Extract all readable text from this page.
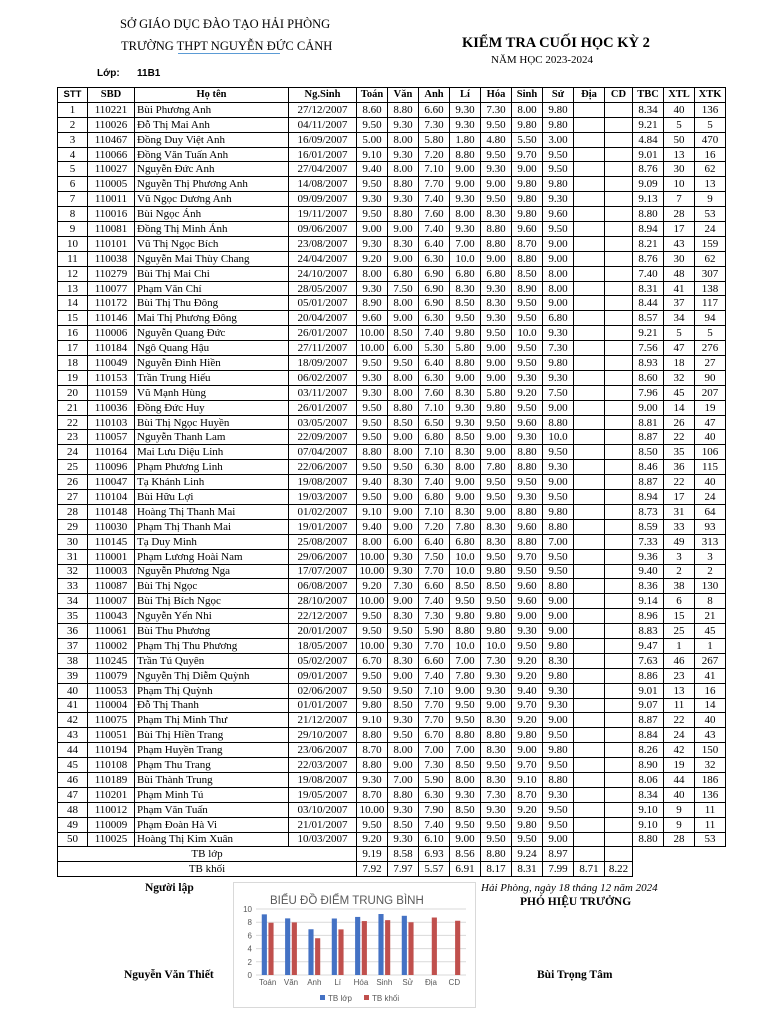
SỞ GIÁO DỤC ĐÀO TẠO HẢI PHÒNG
TRƯỜNG THPT NGUYỄN ĐỨC CẢNH	KIỂM TRA CUỐI HỌC KỲ 2
NĂM HỌC 2023-2024
Lớp: 11B1
STT	SBD	Họ tên	Ng.Sinh	Toán	Văn	Anh	Lí	Hóa	Sinh	Sử	Địa	CD	TBC	XTL	XTK
1	110221	Bùi Phương Anh	27/12/2007	8.60	8.80	6.60	9.30	7.30	8.00	9.80			8.34	40	136
2	110026	Đỗ Thị Mai Anh	04/11/2007	9.50	9.30	7.30	9.30	9.50	9.80	9.80			9.21	5	5
3	110467	Đồng Duy Việt Anh	16/09/2007	5.00	8.00	5.80	1.80	4.80	5.50	3.00			4.84	50	470
4	110066	Đồng Văn Tuấn Anh	16/01/2007	9.10	9.30	7.20	8.80	9.50	9.70	9.50			9.01	13	16
5	110027	Nguyễn Đức Anh	27/04/2007	9.40	8.00	7.10	9.00	9.30	9.00	9.50			8.76	30	62
6	110005	Nguyễn Thị Phương Anh	14/08/2007	9.50	8.80	7.70	9.00	9.00	9.80	9.80			9.09	10	13
7	110011	Vũ Ngọc Dương Anh	09/09/2007	9.30	9.30	7.40	9.30	9.50	9.80	9.30			9.13	7	9
8	110016	Bùi Ngọc Ánh	19/11/2007	9.50	8.80	7.60	8.00	8.30	9.80	9.60			8.80	28	53
9	110081	Đồng Thị Minh Ánh	09/06/2007	9.00	9.00	7.40	9.30	8.80	9.60	9.50			8.94	17	24
10	110101	Vũ Thị Ngọc Bích	23/08/2007	9.30	8.30	6.40	7.00	8.80	8.70	9.00			8.21	43	159
11	110038	Nguyễn Mai Thùy Chang	24/04/2007	9.20	9.00	6.30	10.0	9.00	8.80	9.00			8.76	30	62
12	110279	Bùi Thị Mai Chi	24/10/2007	8.00	6.80	6.90	6.80	6.80	8.50	8.00			7.40	48	307
13	110077	Phạm Văn Chí	28/05/2007	9.30	7.50	6.90	8.30	9.30	8.90	8.00			8.31	41	138
14	110172	Bùi Thị Thu Đông	05/01/2007	8.90	8.00	6.90	8.50	8.30	9.50	9.00			8.44	37	117
15	110146	Mai Thị Phương Đông	20/04/2007	9.60	9.00	6.30	9.50	9.30	9.50	6.80			8.57	34	94
16	110006	Nguyễn Quang Đức	26/01/2007	10.00	8.50	7.40	9.80	9.50	10.0	9.30			9.21	5	5
17	110184	Ngô Quang Hậu	27/11/2007	10.00	6.00	5.30	5.80	9.00	9.50	7.30			7.56	47	276
18	110049	Nguyễn Đình Hiền	18/09/2007	9.50	9.50	6.40	8.80	9.00	9.50	9.80			8.93	18	27
19	110153	Trần Trung Hiếu	06/02/2007	9.30	8.00	6.30	9.00	9.00	9.30	9.30			8.60	32	90
20	110159	Vũ Mạnh Hùng	03/11/2007	9.30	8.00	7.60	8.30	5.80	9.20	7.50			7.96	45	207
21	110036	Đồng Đức Huy	26/01/2007	9.50	8.80	7.10	9.30	9.80	9.50	9.00			9.00	14	19
22	110103	Bùi Thị Ngọc Huyền	03/05/2007	9.50	8.50	6.50	9.30	9.50	9.60	8.80			8.81	26	47
23	110057	Nguyễn Thanh Lam	22/09/2007	9.50	9.00	6.80	8.50	9.00	9.30	10.0			8.87	22	40
24	110164	Mai Lưu Diệu Linh	07/04/2007	8.80	8.00	7.10	8.30	9.00	8.80	9.50			8.50	35	106
25	110096	Phạm Phương Linh	22/06/2007	9.50	9.50	6.30	8.00	7.80	8.80	9.30			8.46	36	115
26	110047	Tạ Khánh Linh	19/08/2007	9.40	8.30	7.40	9.00	9.50	9.50	9.00			8.87	22	40
27	110104	Bùi Hữu Lợi	19/03/2007	9.50	9.00	6.80	9.00	9.50	9.30	9.50			8.94	17	24
28	110148	Hoàng Thị Thanh Mai	01/02/2007	9.10	9.00	7.10	8.30	9.00	8.80	9.80			8.73	31	64
29	110030	Phạm Thị Thanh Mai	19/01/2007	9.40	9.00	7.20	7.80	8.30	9.60	8.80			8.59	33	93
30	110145	Tạ Duy Minh	25/08/2007	8.00	6.00	6.40	6.80	8.30	8.80	7.00			7.33	49	313
31	110001	Phạm Lương Hoài Nam	29/06/2007	10.00	9.30	7.50	10.0	9.50	9.70	9.50			9.36	3	3
32	110003	Nguyễn Phương Nga	17/07/2007	10.00	9.30	7.70	10.0	9.80	9.50	9.50			9.40	2	2
33	110087	Bùi Thị Ngọc	06/08/2007	9.20	7.30	6.60	8.50	8.50	9.60	8.80			8.36	38	130
34	110007	Bùi Thị Bích Ngọc	28/10/2007	10.00	9.00	7.40	9.50	9.50	9.60	9.00			9.14	6	8
35	110043	Nguyễn Yến Nhi	22/12/2007	9.50	8.30	7.30	9.80	9.80	9.00	9.00			8.96	15	21
36	110061	Bùi Thu Phương	20/01/2007	9.50	9.50	5.90	8.80	9.80	9.30	9.00			8.83	25	45
37	110002	Phạm Thị Thu Phương	18/05/2007	10.00	9.30	7.70	10.0	10.0	9.50	9.80			9.47	1	1
38	110245	Trần Tú Quyên	05/02/2007	6.70	8.30	6.60	7.00	7.30	9.20	8.30			7.63	46	267
39	110079	Nguyễn Thị Diễm Quỳnh	09/01/2007	9.50	9.00	7.40	7.80	9.30	9.20	9.80			8.86	23	41
40	110053	Phạm Thị Quỳnh	02/06/2007	9.50	9.50	7.10	9.00	9.30	9.40	9.30			9.01	13	16
41	110004	Đỗ Thị Thanh	01/01/2007	9.80	8.50	7.70	9.50	9.00	9.70	9.30			9.07	11	14
42	110075	Phạm Thị Minh Thư	21/12/2007	9.10	9.30	7.70	9.50	8.30	9.20	9.00			8.87	22	40
43	110051	Bùi Thị Hiền Trang	29/10/2007	8.80	9.50	6.70	8.80	8.80	9.80	9.50			8.84	24	43
44	110194	Phạm Huyền Trang	23/06/2007	8.70	8.00	7.00	7.00	8.30	9.00	9.80			8.26	42	150
45	110108	Phạm Thu Trang	22/03/2007	8.80	9.00	7.30	8.50	9.50	9.70	9.50			8.90	19	32
46	110189	Bùi Thành Trung	19/08/2007	9.30	7.00	5.90	8.00	8.30	9.10	8.80			8.06	44	186
47	110201	Phạm Minh Tú	19/05/2007	8.70	8.80	6.30	9.30	7.30	8.70	9.30			8.34	40	136
48	110012	Phạm Văn Tuấn	03/10/2007	10.00	9.30	7.90	8.50	9.30	9.20	9.50			9.10	9	11
49	110009	Phạm Đoàn Hà Vi	21/01/2007	9.50	8.50	7.40	9.50	9.50	9.80	9.50			9.10	9	11
50	110025	Hoàng Thị Kim Xuân	10/03/2007	9.20	9.30	6.10	9.00	9.50	9.50	9.00			8.80	28	53
TB lớp				9.19	8.58	6.93	8.56	8.80	9.24	8.97					
TB khối				7.92	7.97	5.57	6.91	8.17	8.31	7.99	8.71	8.22			
Người lập
Nguyễn Văn Thiết
Hải Phòng, ngày 18 tháng 12 năm 2024
PHÓ HIỆU TRƯỞNG
Bùi Trọng Tâm
BIỂU ĐỒ ĐIỂM TRUNG BÌNH
0
2
4
6
8
10
Toán Văn Anh Lí Hóa Sinh Sử Địa CD
TB lớp	TB khối
